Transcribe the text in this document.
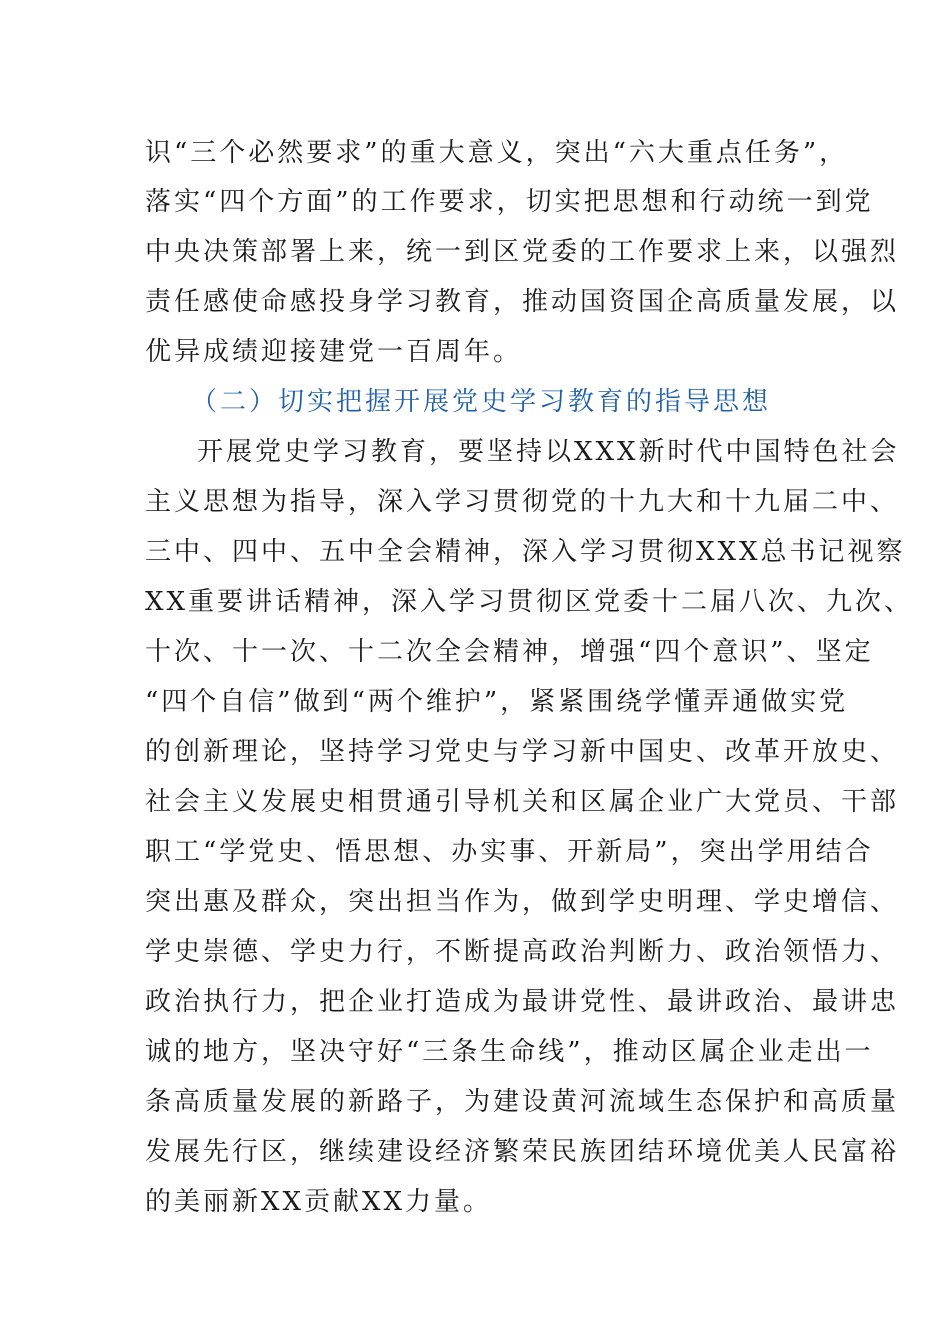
识“三个必然要求”的重大意义，突出“六大重点任务”，
落实“四个方面”的工作要求，切实把思想和行动统一到党
中央决策部署上来，统一到区党委的工作要求上来，以强烈
责任感使命感投身学习教育，推动国资国企高质量发展，以
优异成绩迎接建党一百周年。
（二）切实把握开展党史学习教育的指导思想
开展党史学习教育，要坚持以XXX新时代中国特色社会
主义思想为指导，深入学习贯彻党的十九大和十九届二中、
三中、四中、五中全会精神，深入学习贯彻XXX总书记视察
XX重要讲话精神，深入学习贯彻区党委十二届八次、九次、
十次、十一次、十二次全会精神，增强“四个意识”、坚定
“四个自信”做到“两个维护”，紧紧围绕学懂弄通做实党
的创新理论，坚持学习党史与学习新中国史、改革开放史、
社会主义发展史相贯通引导机关和区属企业广大党员、干部
职工“学党史、悟思想、办实事、开新局”，突出学用结合
突出惠及群众，突出担当作为，做到学史明理、学史增信、
学史崇德、学史力行，不断提高政治判断力、政治领悟力、
政治执行力，把企业打造成为最讲党性、最讲政治、最讲忠
诚的地方，坚决守好“三条生命线”，推动区属企业走出一
条高质量发展的新路子，为建设黄河流域生态保护和高质量
发展先行区，继续建设经济繁荣民族团结环境优美人民富裕
的美丽新XX贡献XX力量。
